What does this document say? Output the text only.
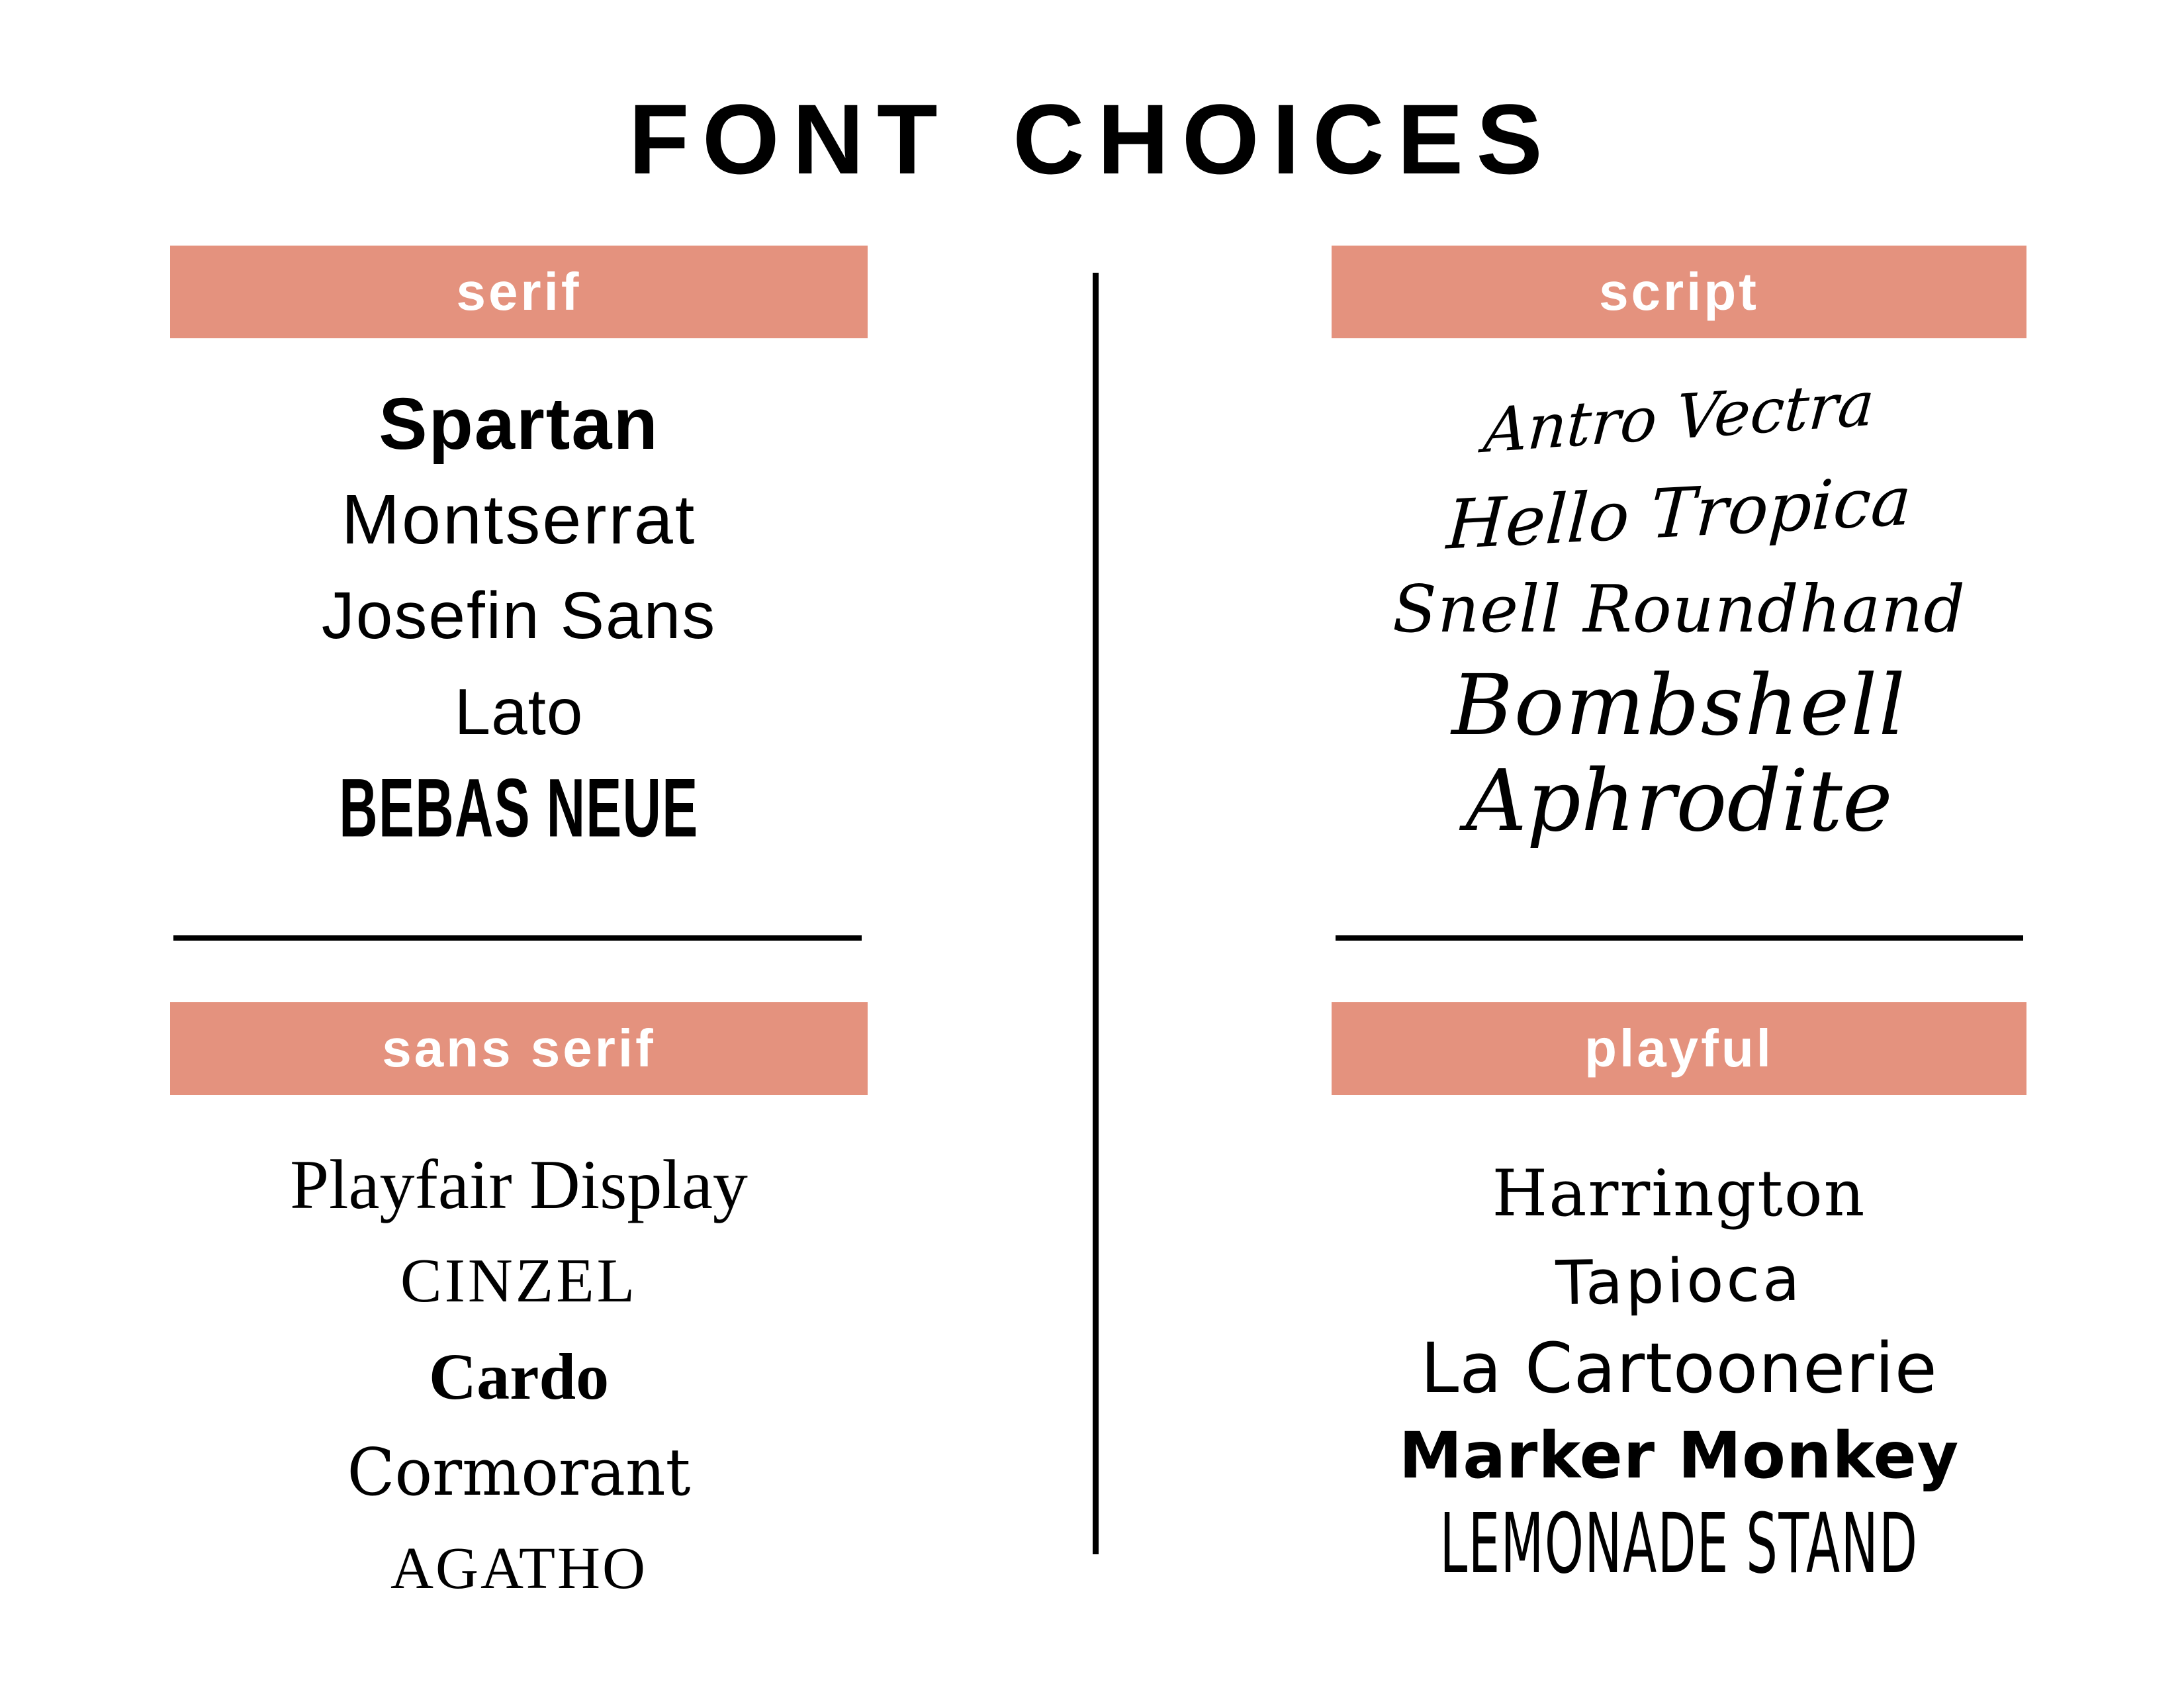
FONT CHOICES
serif
Spartan
Montserrat
Josefin Sans
Lato
BEBAS NEUE
script
Antro Vectra
Hello Tropica
Snell Roundhand
Bombshell
Aphrodite
sans serif
Playfair Display
CINZEL
Cardo
Cormorant
AGATHO
playful
Harrington
Tapioca
La Cartoonerie
Marker Monkey
LEMONADE STAND
